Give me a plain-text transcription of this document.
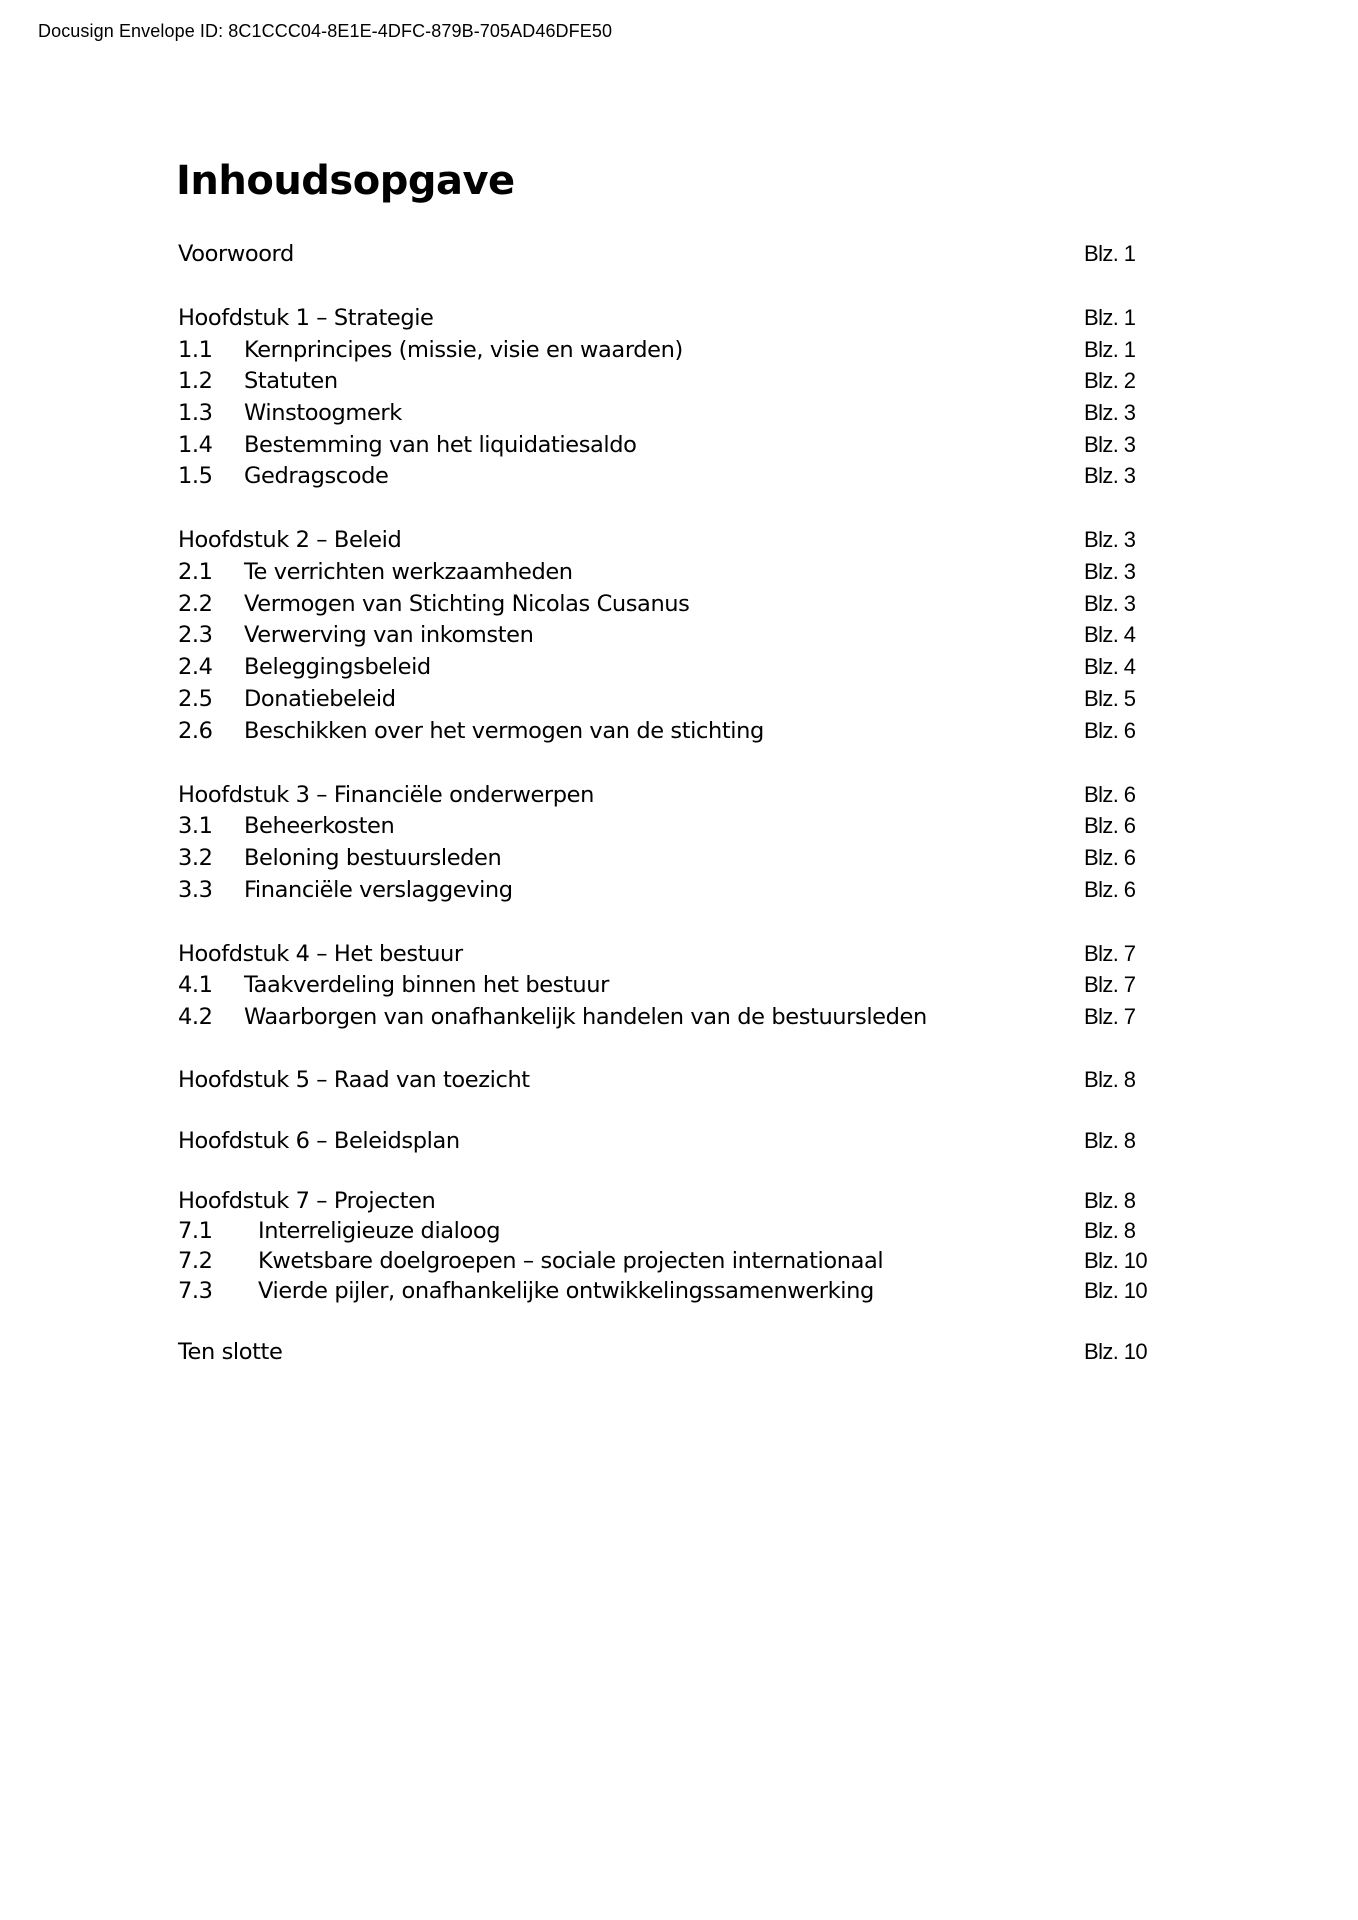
Docusign Envelope ID: 8C1CCC04-8E1E-4DFC-879B-705AD46DFE50
Inhoudsopgave
Voorwoord	Blz. 1
Hoofdstuk 1 – Strategie	Blz. 1
1.1 Kernprincipes (missie, visie en waarden)	Blz. 1
1.2 Statuten	Blz. 2
1.3 Winstoogmerk	Blz. 3
1.4 Bestemming van het liquidatiesaldo	Blz. 3
1.5 Gedragscode	Blz. 3
Hoofdstuk 2 – Beleid	Blz. 3
2.1 Te verrichten werkzaamheden	Blz. 3
2.2 Vermogen van Stichting Nicolas Cusanus	Blz. 3
2.3 Verwerving van inkomsten	Blz. 4
2.4 Beleggingsbeleid	Blz. 4
2.5 Donatiebeleid	Blz. 5
2.6 Beschikken over het vermogen van de stichting	Blz. 6
Hoofdstuk 3 – Financiële onderwerpen	Blz. 6
3.1 Beheerkosten	Blz. 6
3.2 Beloning bestuursleden	Blz. 6
3.3 Financiële verslaggeving	Blz. 6
Hoofdstuk 4 – Het bestuur	Blz. 7
4.1 Taakverdeling binnen het bestuur	Blz. 7
4.2 Waarborgen van onafhankelijk handelen van de bestuursleden	Blz. 7
Hoofdstuk 5 – Raad van toezicht	Blz. 8
Hoofdstuk 6 – Beleidsplan	Blz. 8
Hoofdstuk 7 – Projecten	Blz. 8
7.1 Interreligieuze dialoog	Blz. 8
7.2 Kwetsbare doelgroepen – sociale projecten internationaal	Blz. 10
7.3 Vierde pijler, onafhankelijke ontwikkelingssamenwerking	Blz. 10
Ten slotte	Blz. 10
